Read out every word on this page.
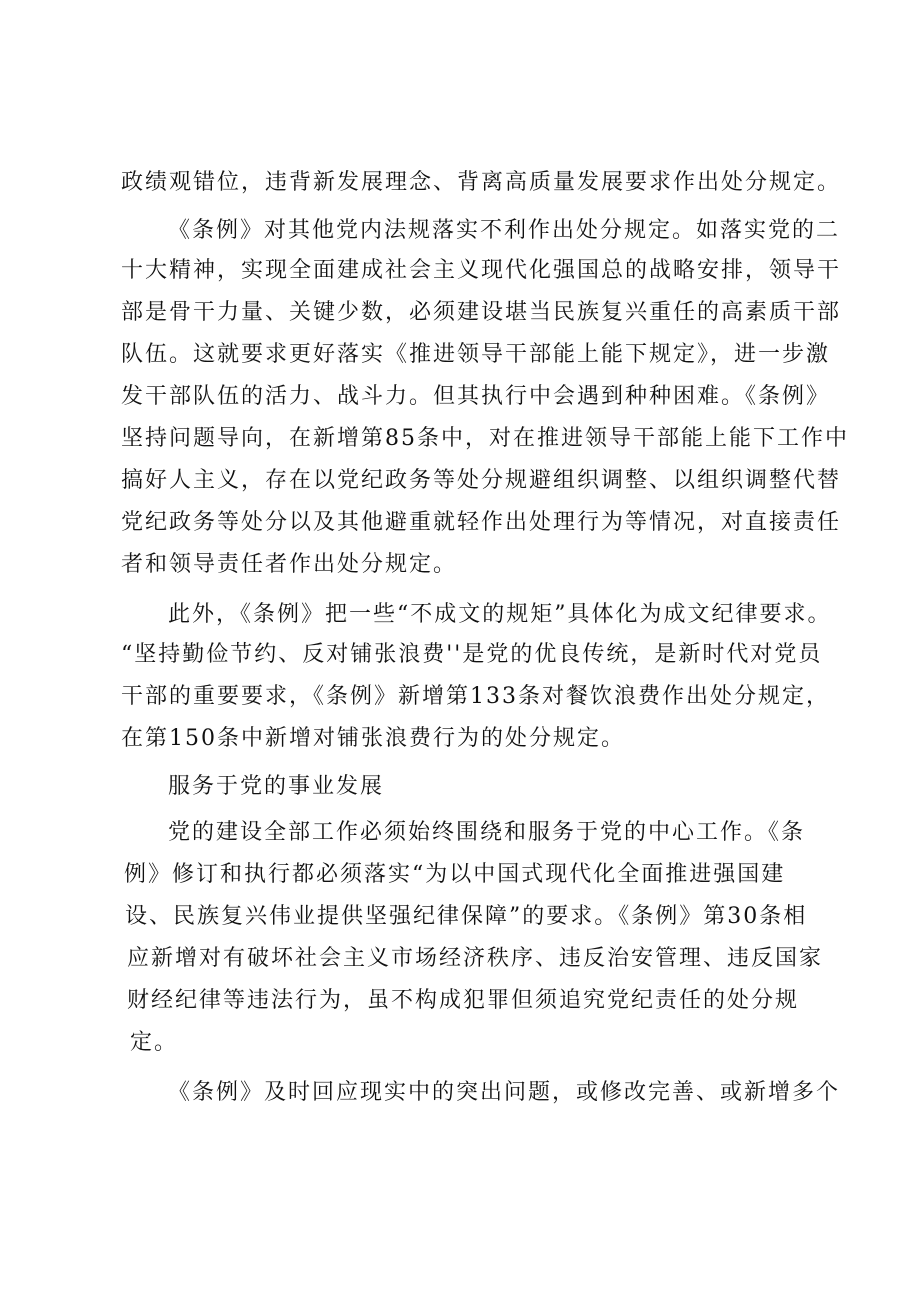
政绩观错位，违背新发展理念、背离高质量发展要求作出处分规定。
《条例》对其他党内法规落实不利作出处分规定。如落实党的二
十大精神，实现全面建成社会主义现代化强国总的战略安排，领导干
部是骨干力量、关键少数，必须建设堪当民族复兴重任的高素质干部
队伍。这就要求更好落实《推进领导干部能上能下规定》，进一步激
发干部队伍的活力、战斗力。但其执行中会遇到种种困难。《条例》
坚持问题导向，在新增第85条中，对在推进领导干部能上能下工作中
搞好人主义，存在以党纪政务等处分规避组织调整、以组织调整代替
党纪政务等处分以及其他避重就轻作出处理行为等情况，对直接责任
者和领导责任者作出处分规定。
此外，《条例》把一些“不成文的规矩”具体化为成文纪律要求。
“坚持勤俭节约、反对铺张浪费''是党的优良传统，是新时代对党员
干部的重要要求，《条例》新增第133条对餐饮浪费作出处分规定，
在第150条中新增对铺张浪费行为的处分规定。
服务于党的事业发展
党的建设全部工作必须始终围绕和服务于党的中心工作。《条
例》修订和执行都必须落实“为以中国式现代化全面推进强国建
设、民族复兴伟业提供坚强纪律保障”的要求。《条例》第30条相
应新增对有破坏社会主义市场经济秩序、违反治安管理、违反国家
财经纪律等违法行为，虽不构成犯罪但须追究党纪责任的处分规
定。
《条例》及时回应现实中的突出问题，或修改完善、或新增多个
